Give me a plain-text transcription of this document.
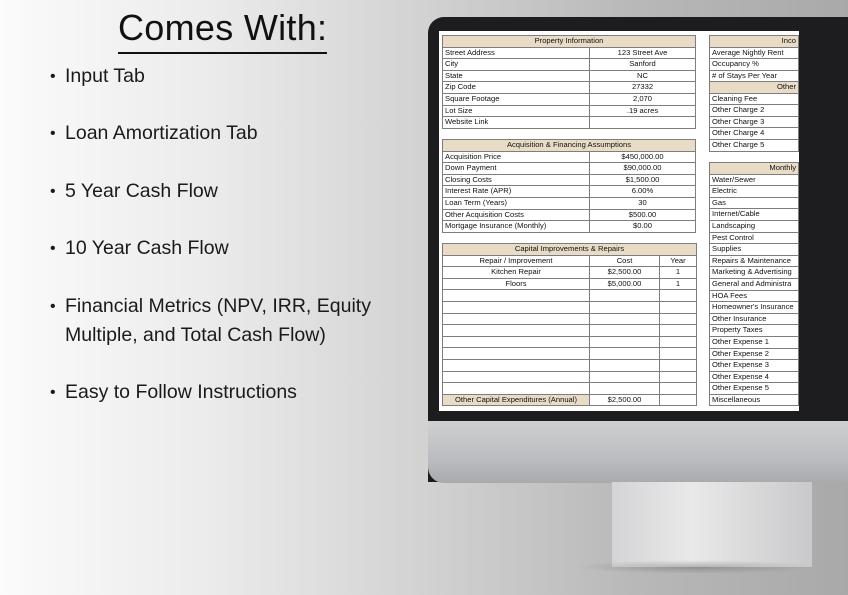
Comes With:
• Input Tab
• Loan Amortization Tab
• 5 Year Cash Flow
• 10 Year Cash Flow
• Financial Metrics (NPV, IRR, Equity Multiple, and Total Cash Flow)
• Easy to Follow Instructions
Property Information	
Street Address	123 Street Ave
City	Sanford
State	NC
Zip Code	27332
Square Footage	2,070
Lot Size	.19 acres
Website Link	
Acquisition & Financing Assumptions	
Acquisition Price	$450,000.00
Down Payment	$90,000.00
Closing Costs	$1,500.00
Interest Rate (APR)	6.00%
Loan Term (Years)	30
Other Acquisition Costs	$500.00
Mortgage Insurance (Monthly)	$0.00
Capital Improvements & Repairs		
Repair / Improvement	Cost	Year
Kitchen Repair	$2,500.00	1
Floors	$5,000.00	1

Other Capital Expenditures (Annual)	$2,500.00	
Inco
Average Nightly Rent
Occupancy %
# of Stays Per Year
Other
Cleaning Fee
Other Charge 2
Other Charge 3
Other Charge 4
Other Charge 5
Monthly
Water/Sewer
Electric
Gas
Internet/Cable
Landscaping
Pest Control
Supplies
Repairs & Maintenance
Marketing & Advertising
General and Administra
HOA Fees
Homeowner's Insurance
Other Insurance
Property Taxes
Other Expense 1
Other Expense 2
Other Expense 3
Other Expense 4
Other Expense 5
Miscellaneous
